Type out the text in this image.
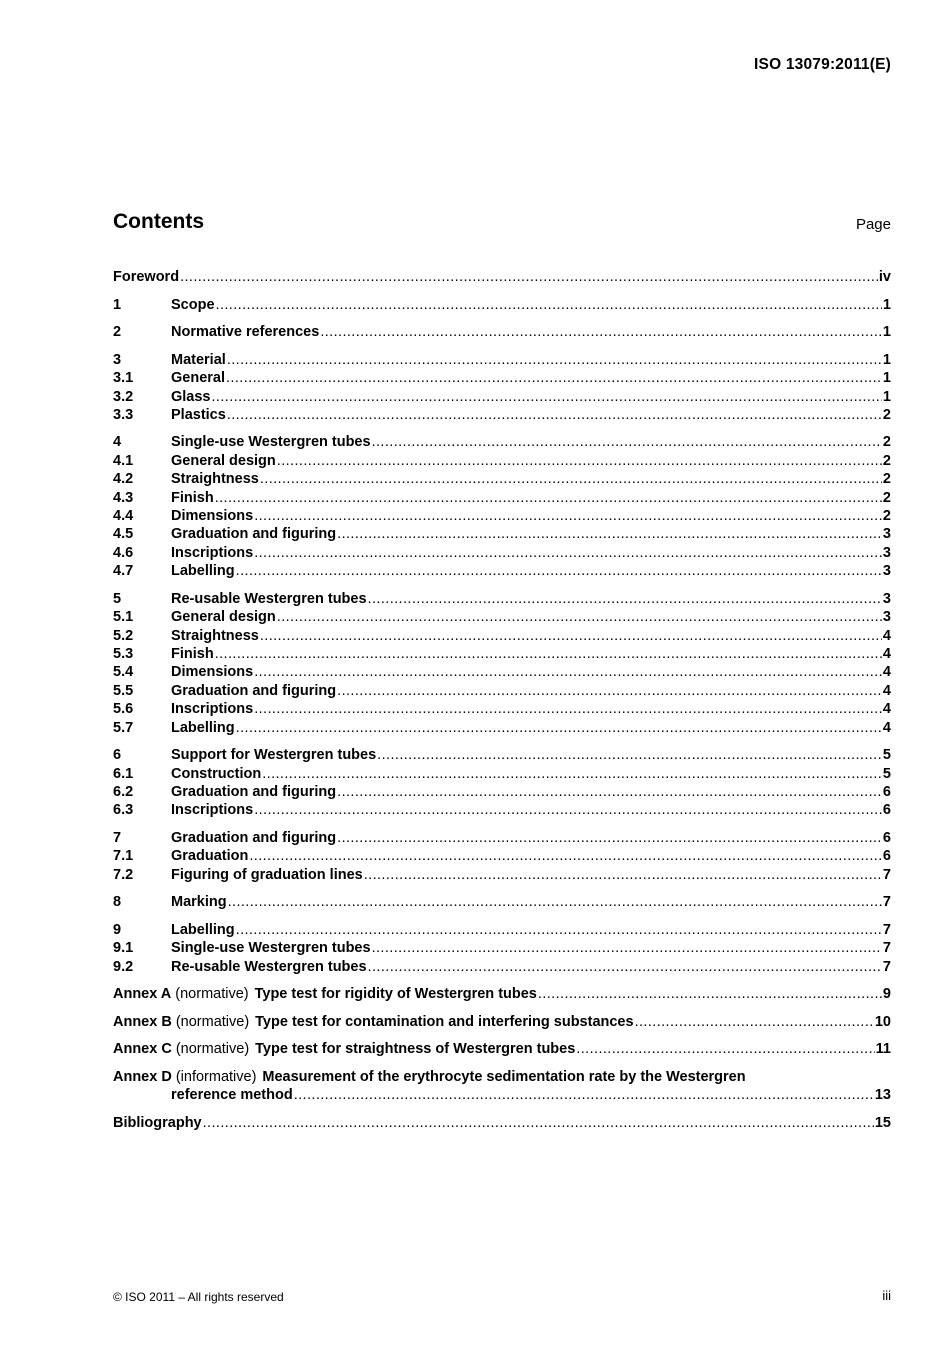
ISO 13079:2011(E)
Contents	Page
Foreword .....	iv
1	Scope .....	1
2	Normative references .....	1
3	Material .....	1
3.1	General .....	1
3.2	Glass .....	1
3.3	Plastics .....	2
4	Single-use Westergren tubes .....	2
4.1	General design .....	2
4.2	Straightness .....	2
4.3	Finish .....	2
4.4	Dimensions .....	2
4.5	Graduation and figuring .....	3
4.6	Inscriptions .....	3
4.7	Labelling .....	3
5	Re-usable Westergren tubes .....	3
5.1	General design .....	3
5.2	Straightness .....	4
5.3	Finish .....	4
5.4	Dimensions .....	4
5.5	Graduation and figuring .....	4
5.6	Inscriptions .....	4
5.7	Labelling .....	4
6	Support for Westergren tubes .....	5
6.1	Construction .....	5
6.2	Graduation and figuring .....	6
6.3	Inscriptions .....	6
7	Graduation and figuring .....	6
7.1	Graduation .....	6
7.2	Figuring of graduation lines .....	7
8	Marking .....	7
9	Labelling .....	7
9.1	Single-use Westergren tubes .....	7
9.2	Re-usable Westergren tubes .....	7
Annex A (normative) Type test for rigidity of Westergren tubes .....	9
Annex B (normative) Type test for contamination and interfering substances .....	10
Annex C (normative) Type test for straightness of Westergren tubes .....	11
Annex D (informative) Measurement of the erythrocyte sedimentation rate by the Westergren
reference method .....	13
Bibliography .....	15
© ISO 2011 – All rights reserved	iii
